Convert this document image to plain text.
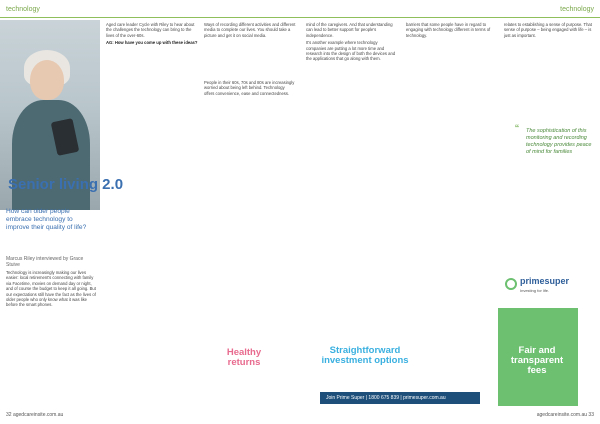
technology
Senior living 2.0
How can older people embrace technology to improve their quality of life?
Marcus Riley interviewed by Grace Stuive

Technology is increasingly making our lives easier: local retirement's connecting with family via Facetime, movies on demand day or night, and of course the budget to keep it all going. But our expectations still have the fact as the lives of older people who only know what it was like before the smart phones.

Aged care leader Cycle with Riley to hear about the challenges the technology can bring to the lives of the over-60s.

AG: How have you come up with these ideas?

Ways of recording different activities and different media to complete our lives. You should take a picture and get it on social media.

People in their 60s, 70s and 80s are increasingly worried about being left behind. Technology offers convenience, ease and connectedness.

32 agedcareinsite.com.au
technology

mind of the caregivers. And that understanding can lead to better support for people's independence.

It's another example where technology companies are putting a lot more time and research into the design of both the devices and the applications that go along with them.

barriers that some people have in regard to engaging with technology different in terms of technology.

relates to establishing a sense of purpose. That sense of purpose – being engaged with life – is just as important.

“ The sophistication of this monitoring and recording technology provides peace of mind for families
primesuper
Investing for life.
agedcareinsite.com.au 33
Healthy returns
Straightforward investment options
Fair and transparent fees
Join Prime Super | 1800 675 839 | primesuper.com.au
